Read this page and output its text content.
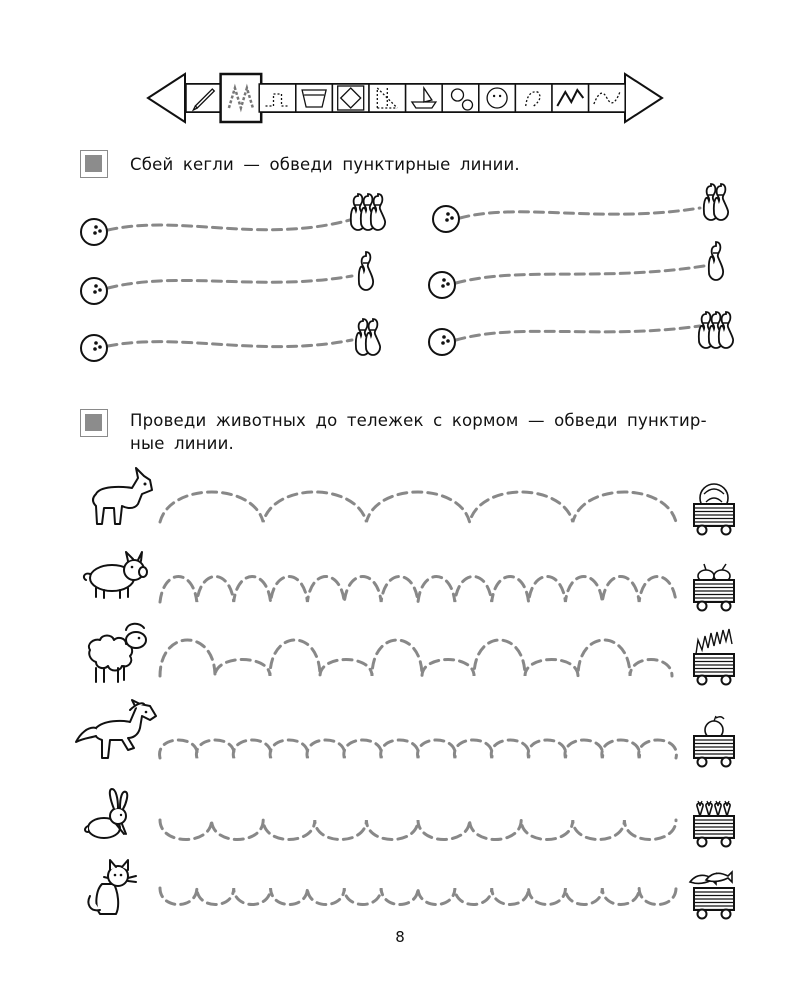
Сбей кегли — обведи пунктирные линии.
Проведи животных до тележек с кормом — обведи пунктир-
ные линии.
8
